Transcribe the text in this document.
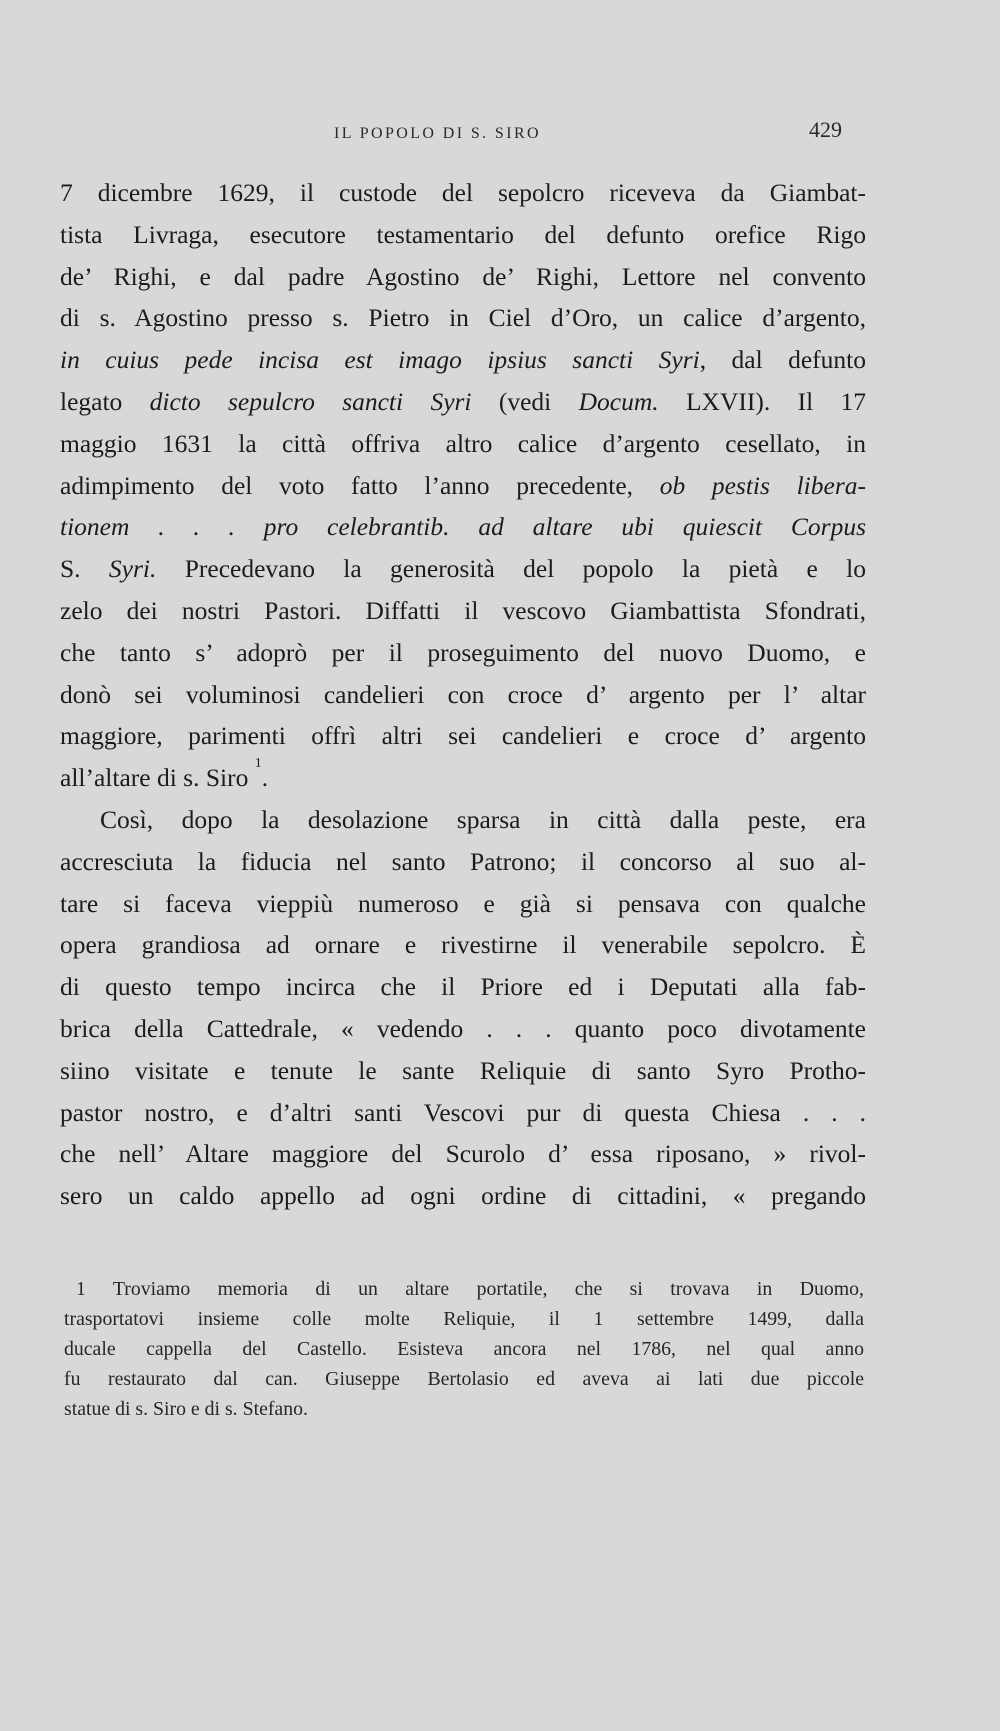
IL POPOLO DI S. SIRO	429
7 dicembre 1629, il custode del sepolcro riceveva da Giambat-
tista Livraga, esecutore testamentario del defunto orefice Rigo
de’ Righi, e dal padre Agostino de’ Righi, Lettore nel convento
di s. Agostino presso s. Pietro in Ciel d’Oro, un calice d’argento,
in cuius pede incisa est imago ipsius sancti Syri, dal defunto
legato dicto sepulcro sancti Syri (vedi Docum. LXVII). Il 17
maggio 1631 la città offriva altro calice d’argento cesellato, in
adimpimento del voto fatto l’anno precedente, ob pestis libera-
tionem . . . pro celebrantib. ad altare ubi quiescit Corpus
S. Syri. Precedevano la generosità del popolo la pietà e lo
zelo dei nostri Pastori. Diffatti il vescovo Giambattista Sfondrati,
che tanto s’ adoprò per il proseguimento del nuovo Duomo, e
donò sei voluminosi candelieri con croce d’ argento per l’ altar
maggiore, parimenti offrì altri sei candelieri e croce d’ argento
all’altare di s. Siro $^1$.
Così, dopo la desolazione sparsa in città dalla peste, era
accresciuta la fiducia nel santo Patrono; il concorso al suo al-
tare si faceva vieppiù numeroso e già si pensava con qualche
opera grandiosa ad ornare e rivestirne il venerabile sepolcro. È
di questo tempo incirca che il Priore ed i Deputati alla fab-
brica della Cattedrale, « vedendo . . . quanto poco divotamente
siino visitate e tenute le sante Reliquie di santo Syro Protho-
pastor nostro, e d’altri santi Vescovi pur di questa Chiesa . . .
che nell’ Altare maggiore del Scurolo d’ essa riposano, » rivol-
sero un caldo appello ad ogni ordine di cittadini, « pregando
1 Troviamo memoria di un altare portatile, che si trovava in Duomo,
trasportatovi insieme colle molte Reliquie, il 1 settembre 1499, dalla
ducale cappella del Castello. Esisteva ancora nel 1786, nel qual anno
fu restaurato dal can. Giuseppe Bertolasio ed aveva ai lati due piccole
statue di s. Siro e di s. Stefano.
